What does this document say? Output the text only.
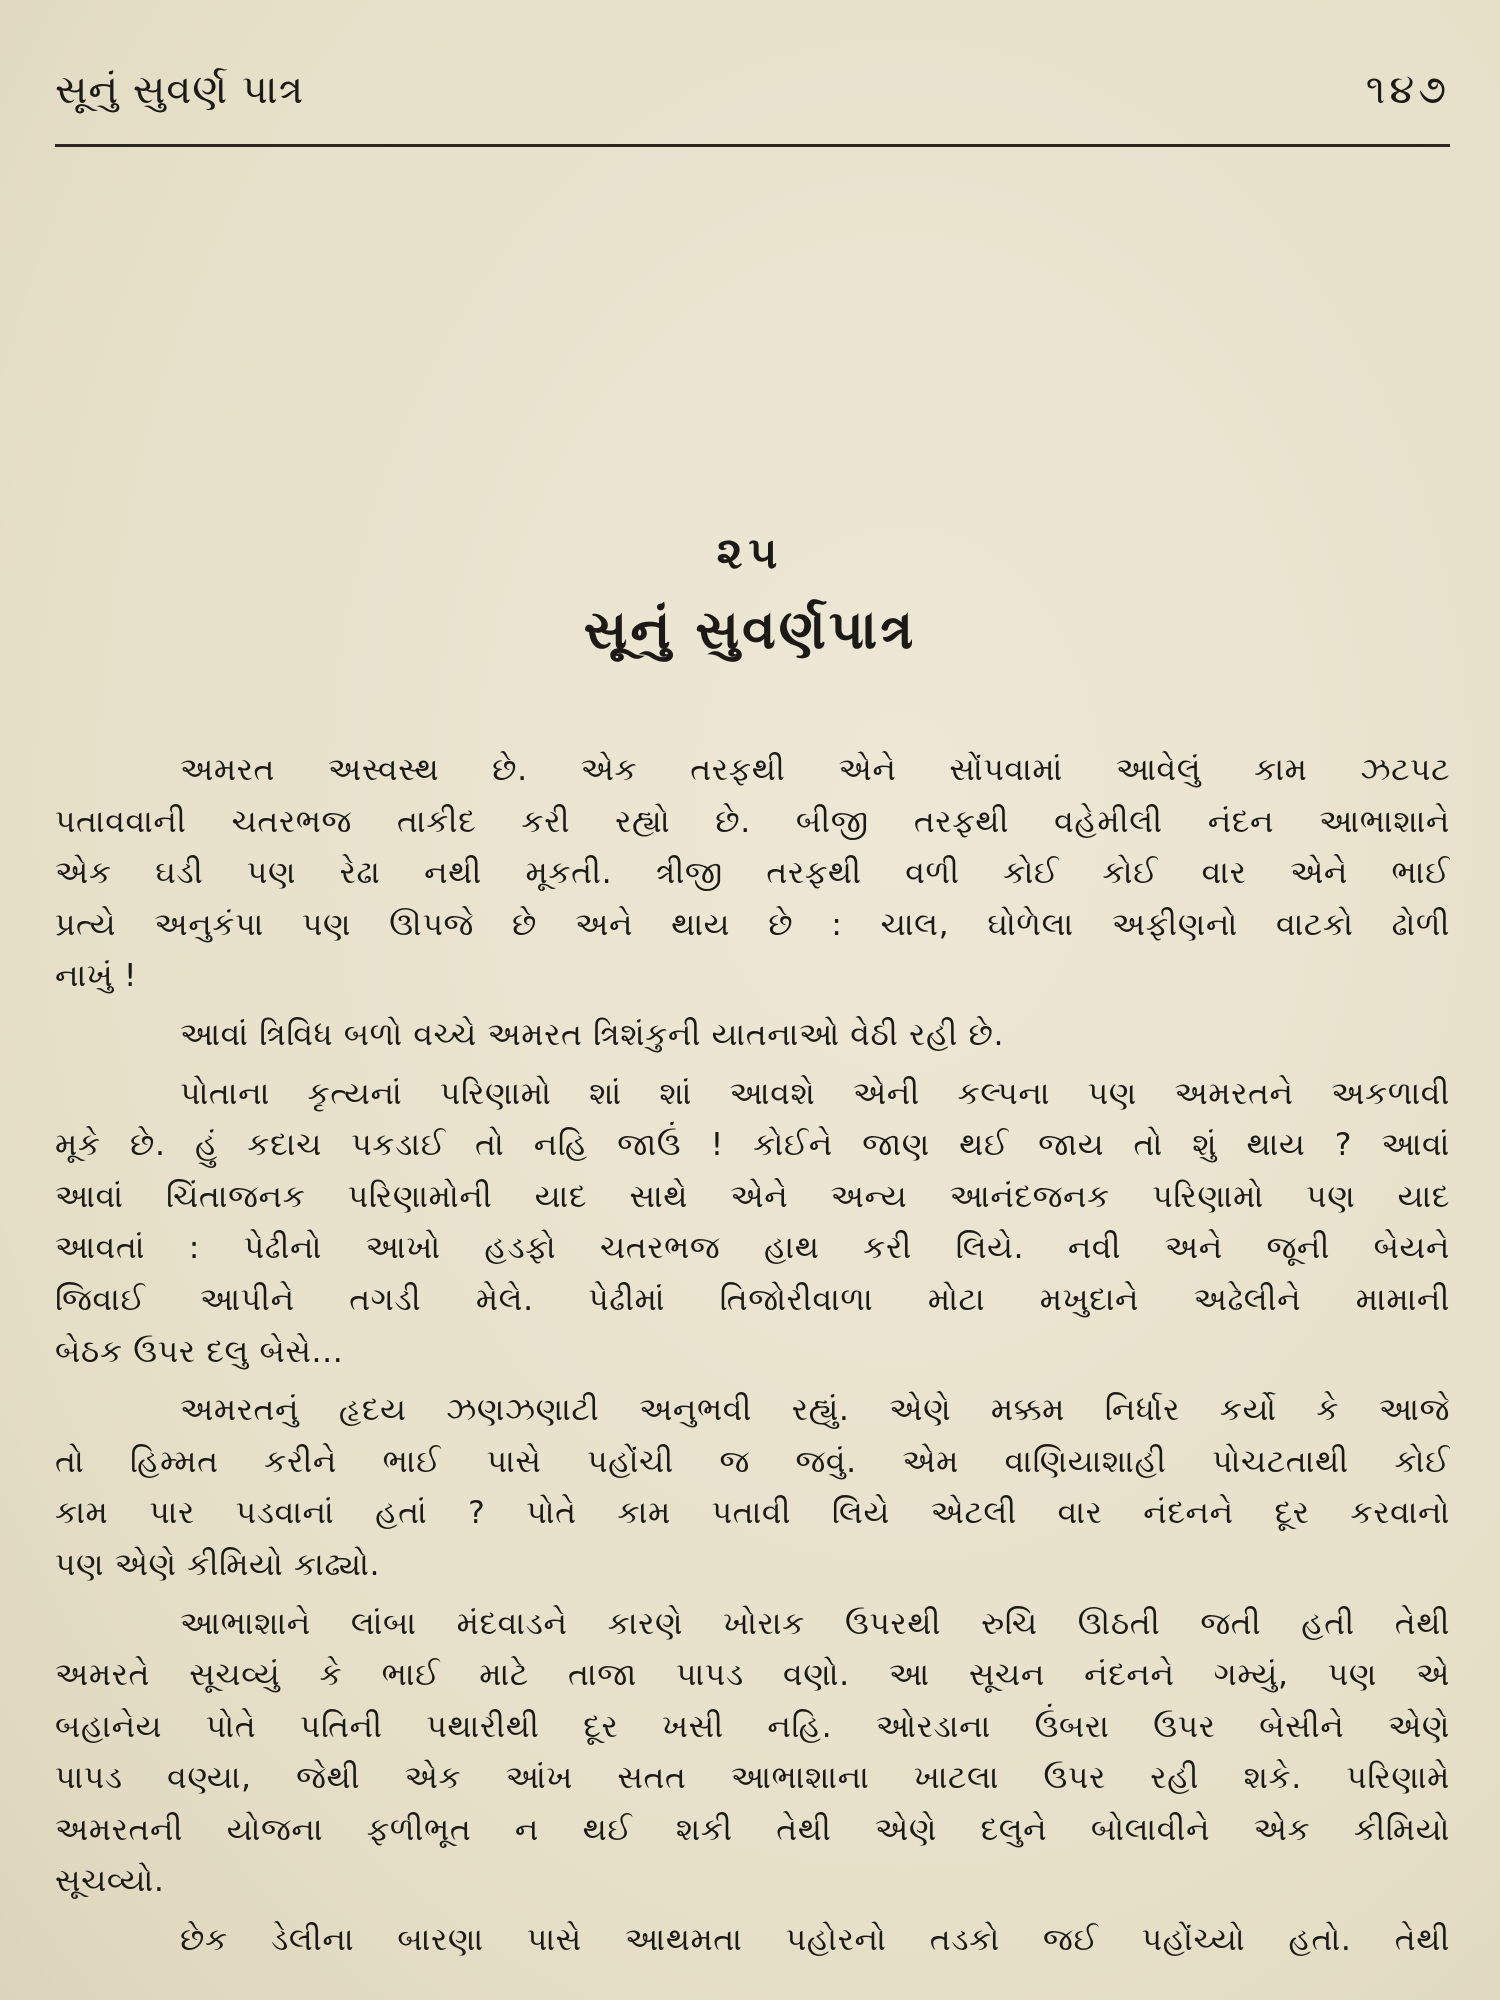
સૂનું સુવર્ણ પાત્ર	૧૪૭
૨૫
સૂનું સુવર્ણપાત્ર
અમરત અસ્વસ્થ છે. એક તરફથી એને સોંપવામાં આવેલું કામ ઝટપટ
પતાવવાની ચતરભજ તાકીદ કરી રહ્યો છે. બીજી તરફથી વહેમીલી નંદન આભાશાને
એક ઘડી પણ રેઢા નથી મૂકતી. ત્રીજી તરફથી વળી કોઈ કોઈ વાર એને ભાઈ
પ્રત્યે અનુકંપા પણ ઊપજે છે અને થાય છે : ચાલ, ઘોળેલા અફીણનો વાટકો ઢોળી
નાખું !
આવાં ત્રિવિધ બળો વચ્ચે અમરત ત્રિશંકુની યાતનાઓ વેઠી રહી છે.
પોતાના કૃત્યનાં પરિણામો શાં શાં આવશે એની કલ્પના પણ અમરતને અકળાવી
મૂકે છે. હું કદાચ પકડાઈ તો નહિ જાઉં ! કોઈને જાણ થઈ જાય તો શું થાય ? આવાં
આવાં ચિંતાજનક પરિણામોની યાદ સાથે એને અન્ય આનંદજનક પરિણામો પણ યાદ
આવતાં : પેઢીનો આખો હડફો ચતરભજ હાથ કરી લિયે. નવી અને જૂની બેયને
જિવાઈ આપીને તગડી મેલે. પેઢીમાં તિજોરીવાળા મોટા મખુદાને અઢેલીને મામાની
બેઠક ઉપર દલુ બેસે...
અમરતનું હૃદય ઝણઝણાટી અનુભવી રહ્યું. એણે મક્કમ નિર્ધાર કર્યો કે આજે
તો હિમ્મત કરીને ભાઈ પાસે પહોંચી જ જવું. એમ વાણિયાશાહી પોચટતાથી કોઈ
કામ પાર પડવાનાં હતાં ? પોતે કામ પતાવી લિયે એટલી વાર નંદનને દૂર કરવાનો
પણ એણે કીમિયો કાઢ્યો.
આભાશાને લાંબા મંદવાડને કારણે ખોરાક ઉપરથી રુચિ ઊઠતી જતી હતી તેથી
અમરતે સૂચવ્યું કે ભાઈ માટે તાજા પાપડ વણો. આ સૂચન નંદનને ગમ્યું, પણ એ
બહાનેય પોતે પતિની પથારીથી દૂર ખસી નહિ. ઓરડાના ઉંબરા ઉપર બેસીને એણે
પાપડ વણ્યા, જેથી એક આંખ સતત આભાશાના ખાટલા ઉપર રહી શકે. પરિણામે
અમરતની યોજના ફળીભૂત ન થઈ શકી તેથી એણે દલુને બોલાવીને એક કીમિયો
સૂચવ્યો.
છેક ડેલીના બારણા પાસે આથમતા પહોરનો તડકો જઈ પહોંચ્યો હતો. તેથી
